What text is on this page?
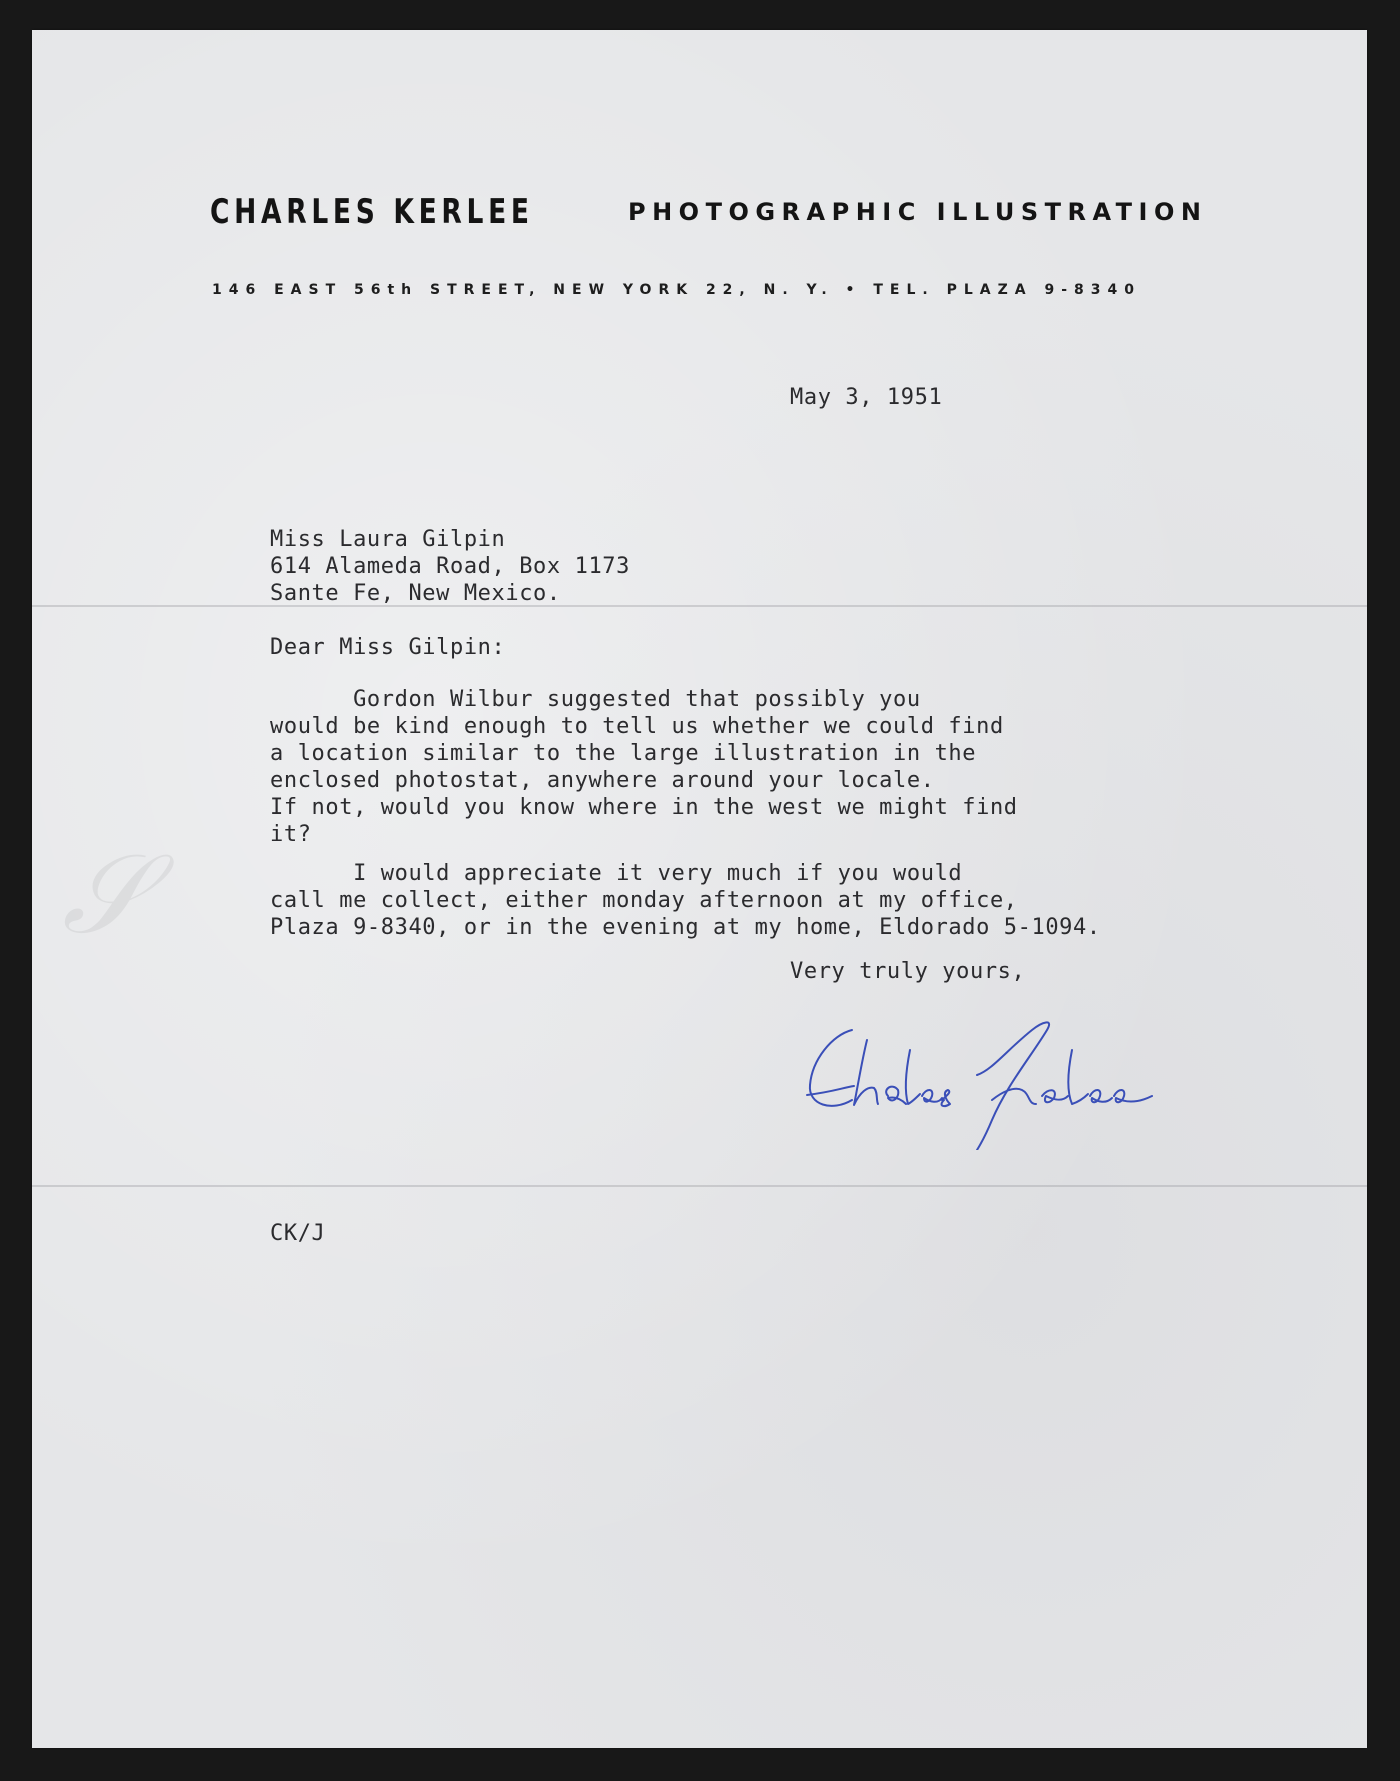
𝒮
CHARLES KERLEE	PHOTOGRAPHIC ILLUSTRATION
146 EAST 56th STREET, NEW YORK 22, N. Y. • TEL. PLAZA 9-8340
May 3, 1951
Miss Laura Gilpin
614 Alameda Road, Box 1173
Sante Fe, New Mexico.
Dear Miss Gilpin:
Gordon Wilbur suggested that possibly you
would be kind enough to tell us whether we could find
a location similar to the large illustration in the
enclosed photostat, anywhere around your locale.
If not, would you know where in the west we might find
it?
I would appreciate it very much if you would
call me collect, either monday afternoon at my office,
Plaza 9-8340, or in the evening at my home, Eldorado 5-1094.
Very truly yours,
CK/J
